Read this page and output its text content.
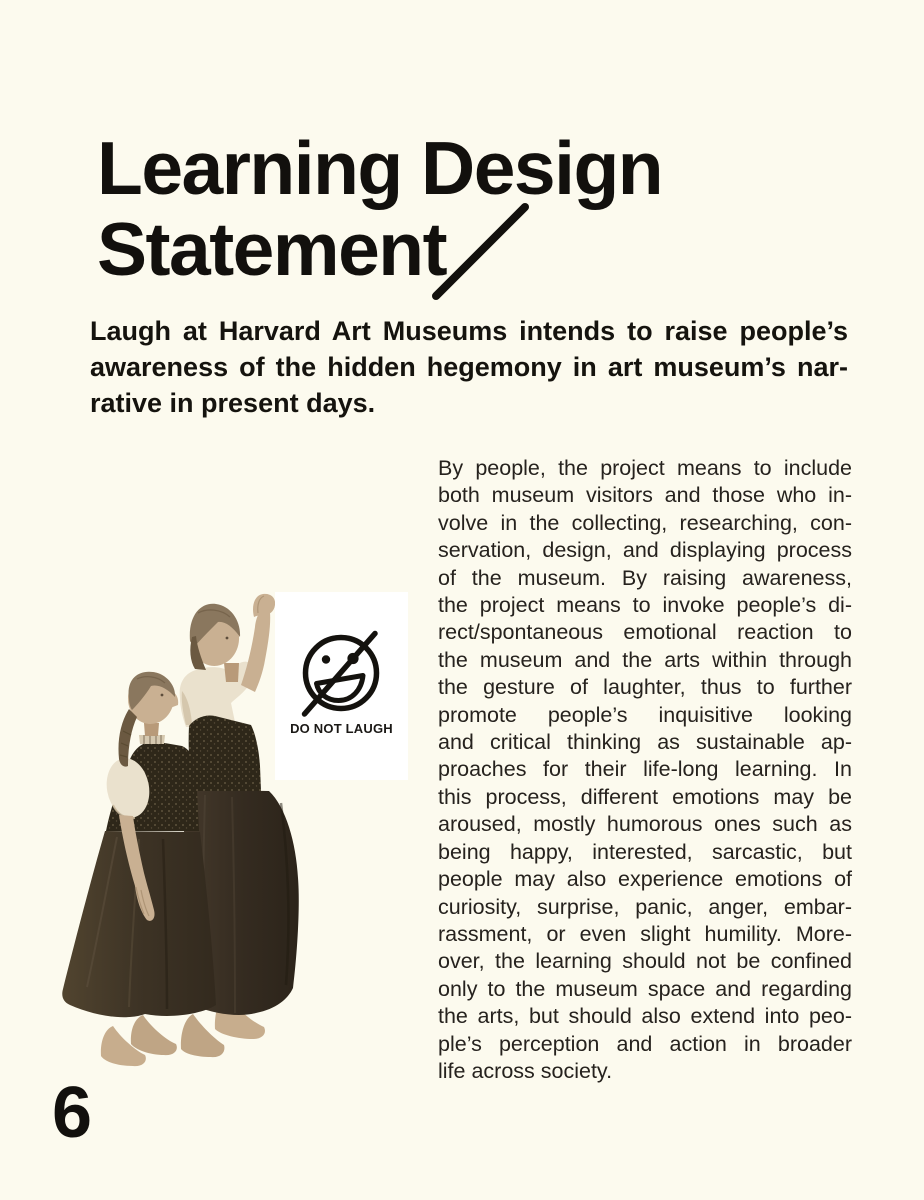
Learning Design
Statement
Laugh at Harvard Art Museums intends to raise people’s
awareness of the hidden hegemony in art museum’s nar-
rative in present days.
By people, the project means to include
both museum visitors and those who in-
volve in the collecting, researching, con-
servation, design, and displaying process
of the museum. By raising awareness,
the project means to invoke people’s di-
rect/spontaneous emotional reaction to
the museum and the arts within through
the gesture of laughter, thus to further
promote people’s inquisitive looking
and critical thinking as sustainable ap-
proaches for their life-long learning. In
this process, different emotions may be
aroused, mostly humorous ones such as
being happy, interested, sarcastic, but
people may also experience emotions of
curiosity, surprise, panic, anger, embar-
rassment, or even slight humility. More-
over, the learning should not be confined
only to the museum space and regarding
the arts, but should also extend into peo-
ple’s perception and action in broader
life across society.
DO NOT LAUGH
6
